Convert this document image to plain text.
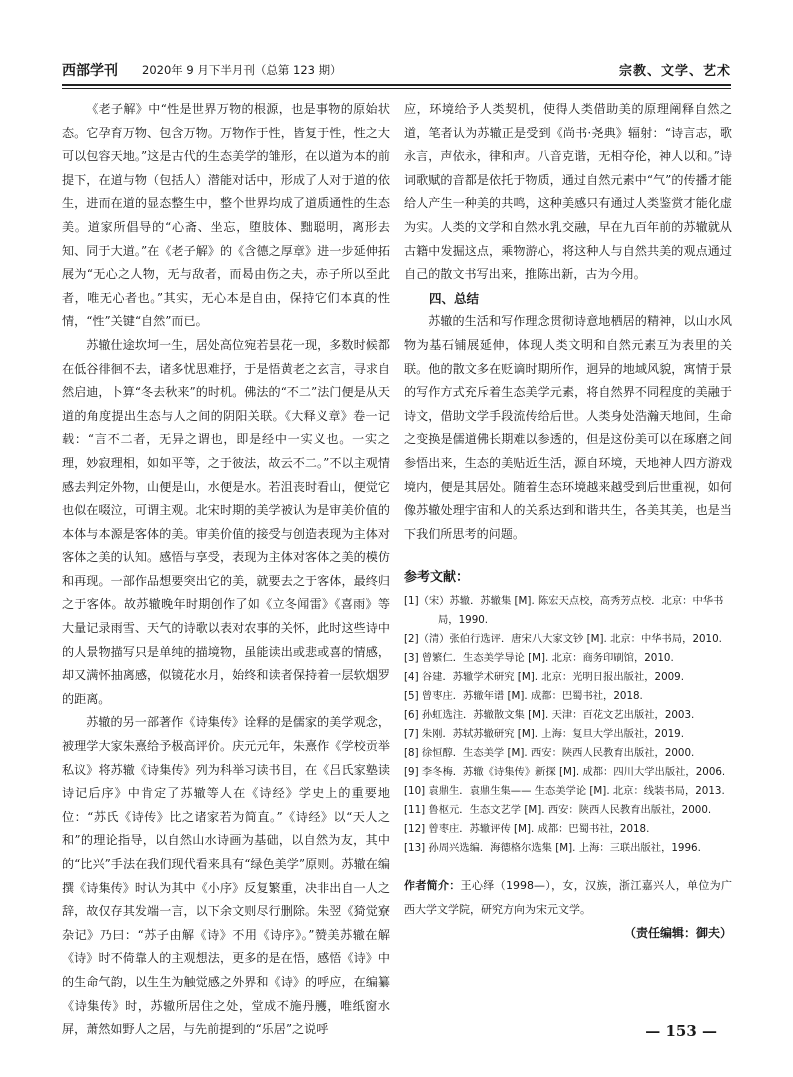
西部学刊 2020年 9 月下半月刊（总第 123 期）	宗教、文学、艺术

《老子解》中“性是世界万物的根源，也是事物的原始状态。它孕育万物、包含万物。万物作于性，皆复于性，性之大可以包容天地。”这是古代的生态美学的雏形，在以道为本的前提下，在道与物（包括人）潜能对话中，形成了人对于道的依生，进而在道的显态整生中，整个世界均成了道质通性的生态美。道家所倡导的“心斋、坐忘，堕肢体、黜聪明，离形去知、同于大道。”在《老子解》的《含德之厚章》进一步延伸拓展为“无心之人物，无与敌者，而曷由伤之夫，赤子所以至此者，唯无心者也。”其实，无心本是自由，保持它们本真的性情，“性”关键“自然”而已。

苏辙仕途坎坷一生，居处高位宛若昙花一现，多数时候都在低谷徘徊不去，诸多忧思难抒，于是悟黄老之玄言，寻求自然启迪，卜算“冬去秋来”的时机。佛法的“不二”法门便是从天道的角度提出生态与人之间的阴阳关联。《大释义章》卷一记载：“言不二者，无异之谓也，即是经中一实义也。一实之理，妙寂理相，如如平等，之于彼法，故云不二。”不以主观情感去判定外物，山便是山，水便是水。若沮丧时看山，便觉它也似在啜泣，可谓主观。北宋时期的美学被认为是审美价值的本体与本源是客体的美。审美价值的接受与创造表现为主体对客体之美的认知。感悟与享受，表现为主体对客体之美的模仿和再现。一部作品想要突出它的美，就要去之于客体，最终归之于客体。故苏辙晚年时期创作了如《立冬闻雷》《喜雨》等大量记录雨雪、天气的诗歌以表对农事的关怀，此时这些诗中的人景物描写只是单纯的描境物，虽能读出或悲或喜的情感，却又满怀抽离感，似镜花水月，始终和读者保持着一层软烟罗的距离。

苏辙的另一部著作《诗集传》诠释的是儒家的美学观念，被理学大家朱熹给予极高评价。庆元元年，朱熹作《学校贡举私议》将苏辙《诗集传》列为科举习读书目，在《吕氏家塾读诗记后序》中肯定了苏辙等人在《诗经》学史上的重要地位：“苏氏《诗传》比之诸家若为简直。”《诗经》以“天人之和”的理论指导，以自然山水诗画为基础，以自然为友，其中的“比兴”手法在我们现代看来具有“绿色美学”原则。苏辙在编撰《诗集传》时认为其中《小序》反复繁重，决非出自一人之辞，故仅存其发端一言，以下余文则尽行删除。朱翌《猗觉寮杂记》乃曰：“苏子由解《诗》不用《诗序》。”赞美苏辙在解《诗》时不倚靠人的主观想法，更多的是在悟，感悟《诗》中的生命气韵，以生生为触觉感之外界和《诗》的呼应，在编纂《诗集传》时，苏辙所居住之处，堂成不施丹雘，唯纸窗水屏，萧然如野人之居，与先前提到的“乐居”之说呼

应，环境给予人类契机，使得人类借助美的原理阐释自然之道，笔者认为苏辙正是受到《尚书·尧典》辐射：“诗言志，歌永言，声依永，律和声。八音克谐，无相夺伦，神人以和。”诗词歌赋的音都是依托于物质，通过自然元素中“气”的传播才能给人产生一种美的共鸣，这种美感只有通过人类鉴赏才能化虚为实。人类的文学和自然水乳交融，早在九百年前的苏辙就从古籍中发掘这点，乘物游心，将这种人与自然共美的观点通过自己的散文书写出来，推陈出新，古为今用。

四、总结

苏辙的生活和写作理念贯彻诗意地栖居的精神，以山水风物为基石铺展延伸，体现人类文明和自然元素互为表里的关联。他的散文多在贬谪时期所作，迥异的地域风貌，寓情于景的写作方式充斥着生态美学元素，将自然界不同程度的美融于诗文，借助文学手段流传给后世。人类身处浩瀚天地间，生命之变换是儒道佛长期难以参透的，但是这份美可以在琢磨之间参悟出来，生态的美贴近生活，源自环境，天地神人四方游戏境内，便是其居处。随着生态环境越来越受到后世重视，如何像苏辙处理宇宙和人的关系达到和谐共生，各美其美，也是当下我们所思考的问题。

参考文献：
[1]（宋）苏辙．苏辙集 [M]. 陈宏天点校，高秀芳点校．北京：中华书局，1990.
[2]（清）张伯行选评．唐宋八大家文钞 [M]. 北京：中华书局，2010.
[3] 曾繁仁．生态美学导论 [M]. 北京：商务印刷馆，2010.
[4] 谷建．苏辙学术研究 [M]. 北京：光明日报出版社，2009.
[5] 曾枣庄．苏辙年谱 [M]. 成都：巴蜀书社，2018.
[6] 孙虹选注．苏辙散文集 [M]. 天津：百花文艺出版社，2003.
[7] 朱刚．苏轼苏辙研究 [M]. 上海：复旦大学出版社，2019.
[8] 徐恒醇．生态美学 [M]. 西安：陕西人民教育出版社，2000.
[9] 李冬梅．苏辙《诗集传》新探 [M]. 成都：四川大学出版社，2006.
[10] 袁鼎生．袁鼎生集—— 生态美学论 [M]. 北京：线装书局，2013.
[11] 鲁枢元．生态文艺学 [M]. 西安：陕西人民教育出版社，2000.
[12] 曾枣庄．苏辙评传 [M]. 成都：巴蜀书社，2018.
[13] 孙周兴选编．海德格尔选集 [M]. 上海：三联出版社，1996.
作者简介：王心绎（1998—），女，汉族，浙江嘉兴人，单位为广西大学文学院，研究方向为宋元文学。
（责任编辑：御夫）
— 153 —
